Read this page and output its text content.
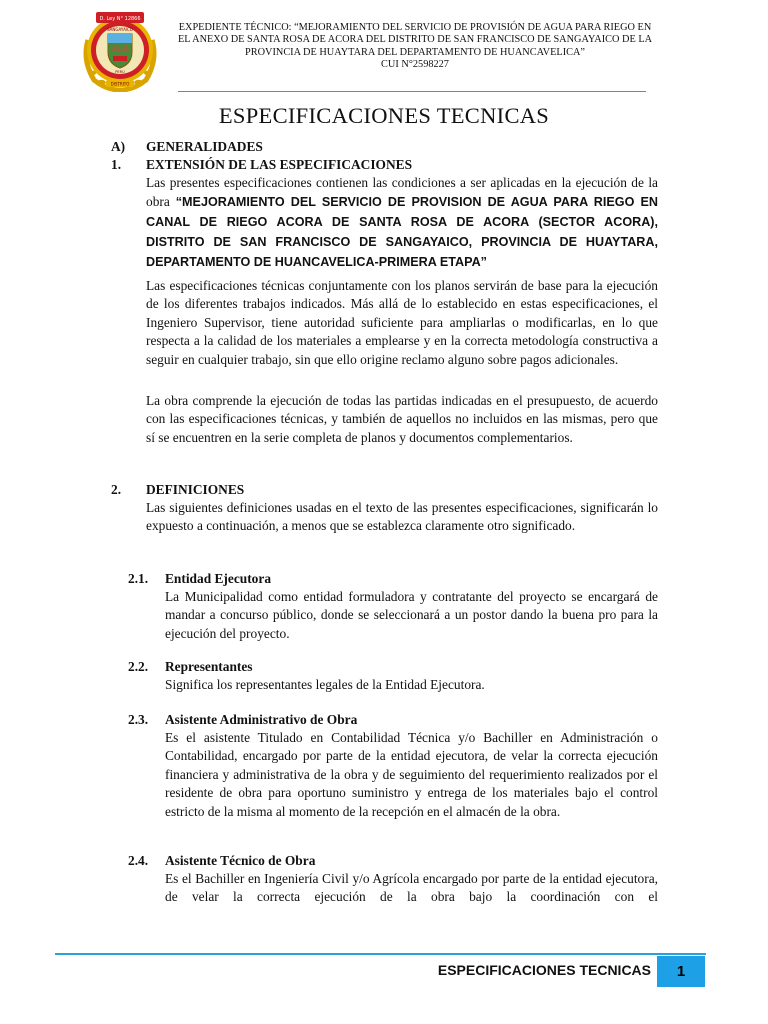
D. Ley N° 12866
SANGAYAICO
PERÚ
DISTRITO
EXPEDIENTE TÉCNICO: “MEJORAMIENTO DEL SERVICIO DE PROVISIÓN DE AGUA PARA RIEGO EN
EL ANEXO DE SANTA ROSA DE ACORA DEL DISTRITO DE SAN FRANCISCO DE SANGAYAICO DE LA
PROVINCIA DE HUAYTARA DEL DEPARTAMENTO DE HUANCAVELICA”
CUI N°2598227
ESPECIFICACIONES TECNICAS
A) GENERALIDADES
1. EXTENSIÓN DE LAS ESPECIFICACIONES
Las presentes especificaciones contienen las condiciones a ser aplicadas en la ejecución de la obra “MEJORAMIENTO DEL SERVICIO DE PROVISION DE AGUA PARA RIEGO EN CANAL DE RIEGO ACORA DE SANTA ROSA DE ACORA (SECTOR ACORA), DISTRITO DE SAN FRANCISCO DE SANGAYAICO, PROVINCIA DE HUAYTARA, DEPARTAMENTO DE HUANCAVELICA-PRIMERA ETAPA”
Las especificaciones técnicas conjuntamente con los planos servirán de base para la ejecución de los diferentes trabajos indicados. Más allá de lo establecido en estas especificaciones, el Ingeniero Supervisor, tiene autoridad suficiente para ampliarlas o modificarlas, en lo que respecta a la calidad de los materiales a emplearse y en la correcta metodología constructiva a seguir en cualquier trabajo, sin que ello origine reclamo alguno sobre pagos adicionales.
La obra comprende la ejecución de todas las partidas indicadas en el presupuesto, de acuerdo con las especificaciones técnicas, y también de aquellos no incluidos en las mismas, pero que sí se encuentren en la serie completa de planos y documentos complementarios.
2. DEFINICIONES
Las siguientes definiciones usadas en el texto de las presentes especificaciones, significarán lo expuesto a continuación, a menos que se establezca claramente otro significado.
2.1. Entidad Ejecutora
La Municipalidad como entidad formuladora y contratante del proyecto se encargará de mandar a concurso público, donde se seleccionará a un postor dando la buena pro para la ejecución del proyecto.
2.2. Representantes
Significa los representantes legales de la Entidad Ejecutora.
2.3. Asistente Administrativo de Obra
Es el asistente Titulado en Contabilidad Técnica y/o Bachiller en Administración o Contabilidad, encargado por parte de la entidad ejecutora, de velar la correcta ejecución financiera y administrativa de la obra y de seguimiento del requerimiento realizados por el residente de obra para oportuno suministro y entrega de los materiales bajo el control estricto de la misma al momento de la recepción en el almacén de la obra.
2.4. Asistente Técnico de Obra
Es el Bachiller en Ingeniería Civil y/o Agrícola encargado por parte de la entidad ejecutora, de velar la correcta ejecución de la obra bajo la coordinación con el
ESPECIFICACIONES TECNICAS	1
